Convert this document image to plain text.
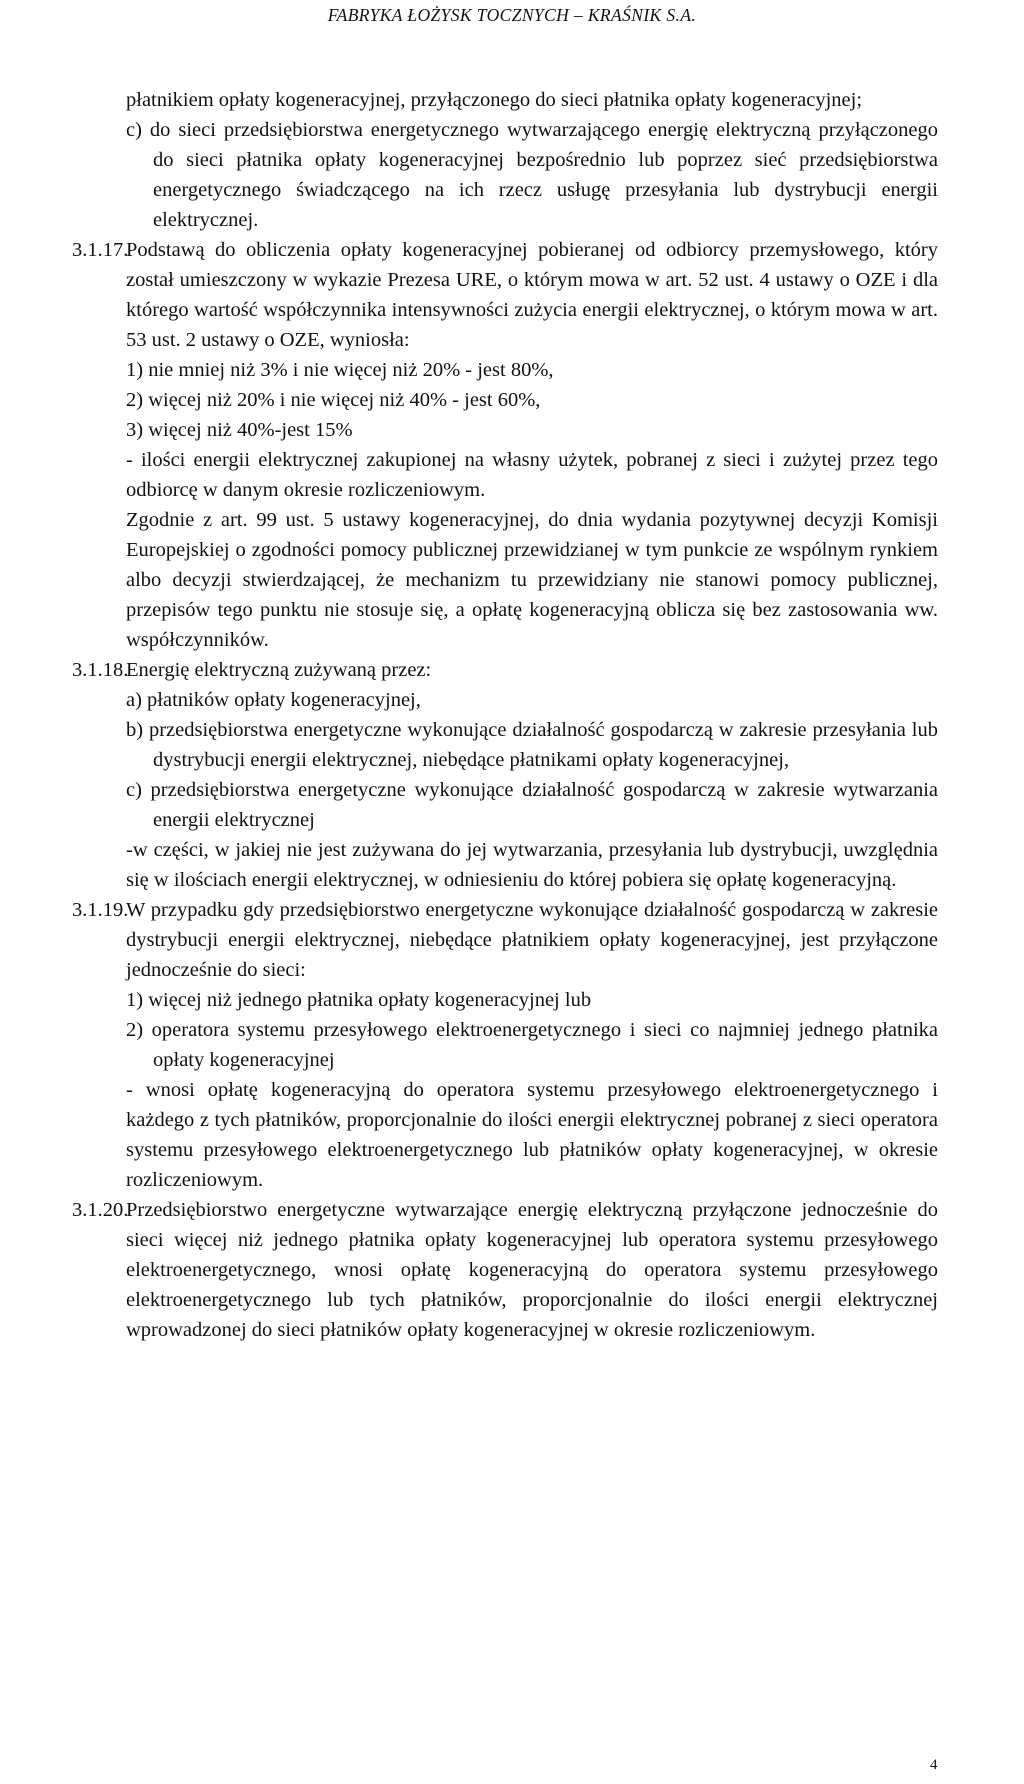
FABRYKA ŁOŻYSK TOCZNYCH – KRAŚNIK S.A.

płatnikiem opłaty kogeneracyjnej, przyłączonego do sieci płatnika opłaty kogeneracyjnej;

c) do sieci przedsiębiorstwa energetycznego wytwarzającego energię elektryczną przyłączonego do sieci płatnika opłaty kogeneracyjnej bezpośrednio lub poprzez sieć przedsiębiorstwa energetycznego świadczącego na ich rzecz usługę przesyłania lub dystrybucji energii elektrycznej.

3.1.17.Podstawą do obliczenia opłaty kogeneracyjnej pobieranej od odbiorcy przemysłowego, który został umieszczony w wykazie Prezesa URE, o którym mowa w art. 52 ust. 4 ustawy o OZE i dla którego wartość współczynnika intensywności zużycia energii elektrycznej, o którym mowa w art. 53 ust. 2 ustawy o OZE, wyniosła:

1) nie mniej niż 3% i nie więcej niż 20% - jest 80%,

2) więcej niż 20% i nie więcej niż 40% - jest 60%,

3) więcej niż 40%-jest 15%

- ilości energii elektrycznej zakupionej na własny użytek, pobranej z sieci i zużytej przez tego odbiorcę w danym okresie rozliczeniowym.

Zgodnie z art. 99 ust. 5 ustawy kogeneracyjnej, do dnia wydania pozytywnej decyzji Komisji Europejskiej o zgodności pomocy publicznej przewidzianej w tym punkcie ze wspólnym rynkiem albo decyzji stwierdzającej, że mechanizm tu przewidziany nie stanowi pomocy publicznej, przepisów tego punktu nie stosuje się, a opłatę kogeneracyjną oblicza się bez zastosowania ww. współczynników.

3.1.18.Energię elektryczną zużywaną przez:

a) płatników opłaty kogeneracyjnej,

b) przedsiębiorstwa energetyczne wykonujące działalność gospodarczą w zakresie przesyłania lub dystrybucji energii elektrycznej, niebędące płatnikami opłaty kogeneracyjnej,

c) przedsiębiorstwa energetyczne wykonujące działalność gospodarczą w zakresie wytwarzania energii elektrycznej

-w części, w jakiej nie jest zużywana do jej wytwarzania, przesyłania lub dystrybucji, uwzględnia się w ilościach energii elektrycznej, w odniesieniu do której pobiera się opłatę kogeneracyjną.

3.1.19.W przypadku gdy przedsiębiorstwo energetyczne wykonujące działalność gospodarczą w zakresie dystrybucji energii elektrycznej, niebędące płatnikiem opłaty kogeneracyjnej, jest przyłączone jednocześnie do sieci:

1) więcej niż jednego płatnika opłaty kogeneracyjnej lub

2) operatora systemu przesyłowego elektroenergetycznego i sieci co najmniej jednego płatnika opłaty kogeneracyjnej

- wnosi opłatę kogeneracyjną do operatora systemu przesyłowego elektroenergetycznego i każdego z tych płatników, proporcjonalnie do ilości energii elektrycznej pobranej z sieci operatora systemu przesyłowego elektroenergetycznego lub płatników opłaty kogeneracyjnej, w okresie rozliczeniowym.

3.1.20.Przedsiębiorstwo energetyczne wytwarzające energię elektryczną przyłączone jednocześnie do sieci więcej niż jednego płatnika opłaty kogeneracyjnej lub operatora systemu przesyłowego elektroenergetycznego, wnosi opłatę kogeneracyjną do operatora systemu przesyłowego elektroenergetycznego lub tych płatników, proporcjonalnie do ilości energii elektrycznej wprowadzonej do sieci płatników opłaty kogeneracyjnej w okresie rozliczeniowym.

4
